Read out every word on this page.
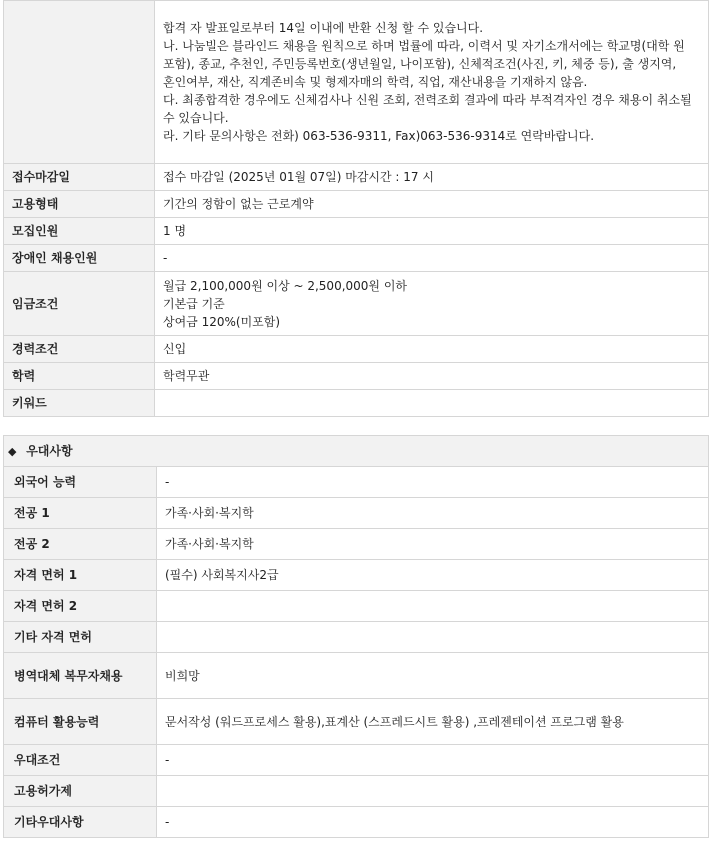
	합격 자 발표일로부터 14일 이내에 반환 신청 할 수 있습니다.
나. 나눔빌은 블라인드 채용을 원칙으로 하며 법률에 따라, 이력서 및 자기소개서에는 학교명(대학 원 포함), 종교, 추천인, 주민등록번호(생년월일, 나이포함), 신체적조건(사진, 키, 체중 등), 출 생지역, 혼인여부, 재산, 직계존비속 및 형제자매의 학력, 직업, 재산내용을 기재하지 않음.
다. 최종합격한 경우에도 신체검사나 신원 조회, 전력조회 결과에 따라 부적격자인 경우 채용이 취소될 수 있습니다.
라. 기타 문의사항은 전화) 063-536-9311, Fax)063-536-9314로 연락바랍니다.

접수마감일	접수 마감일 (2025년 01월 07일) 마감시간 : 17 시
고용형태	기간의 정함이 없는 근로계약
모집인원	1 명
장애인 채용인원	-
임금조건	월급 2,100,000원 이상 ~ 2,500,000원 이하
기본급 기준
상여금 120%(미포함)

경력조건	신입
학력	학력무관
키워드	
◆ 우대사항
외국어 능력	-
전공 1	가족·사회·복지학
전공 2	가족·사회·복지학
자격 면허 1	(필수) 사회복지사2급
자격 면허 2	
기타 자격 면허	
병역대체 복무자채용	비희망
컴퓨터 활용능력	문서작성 (워드프로세스 활용),표계산 (스프레드시트 활용) ,프레젠테이션 프로그램 활용
우대조건	-
고용허가제	
기타우대사항	-
